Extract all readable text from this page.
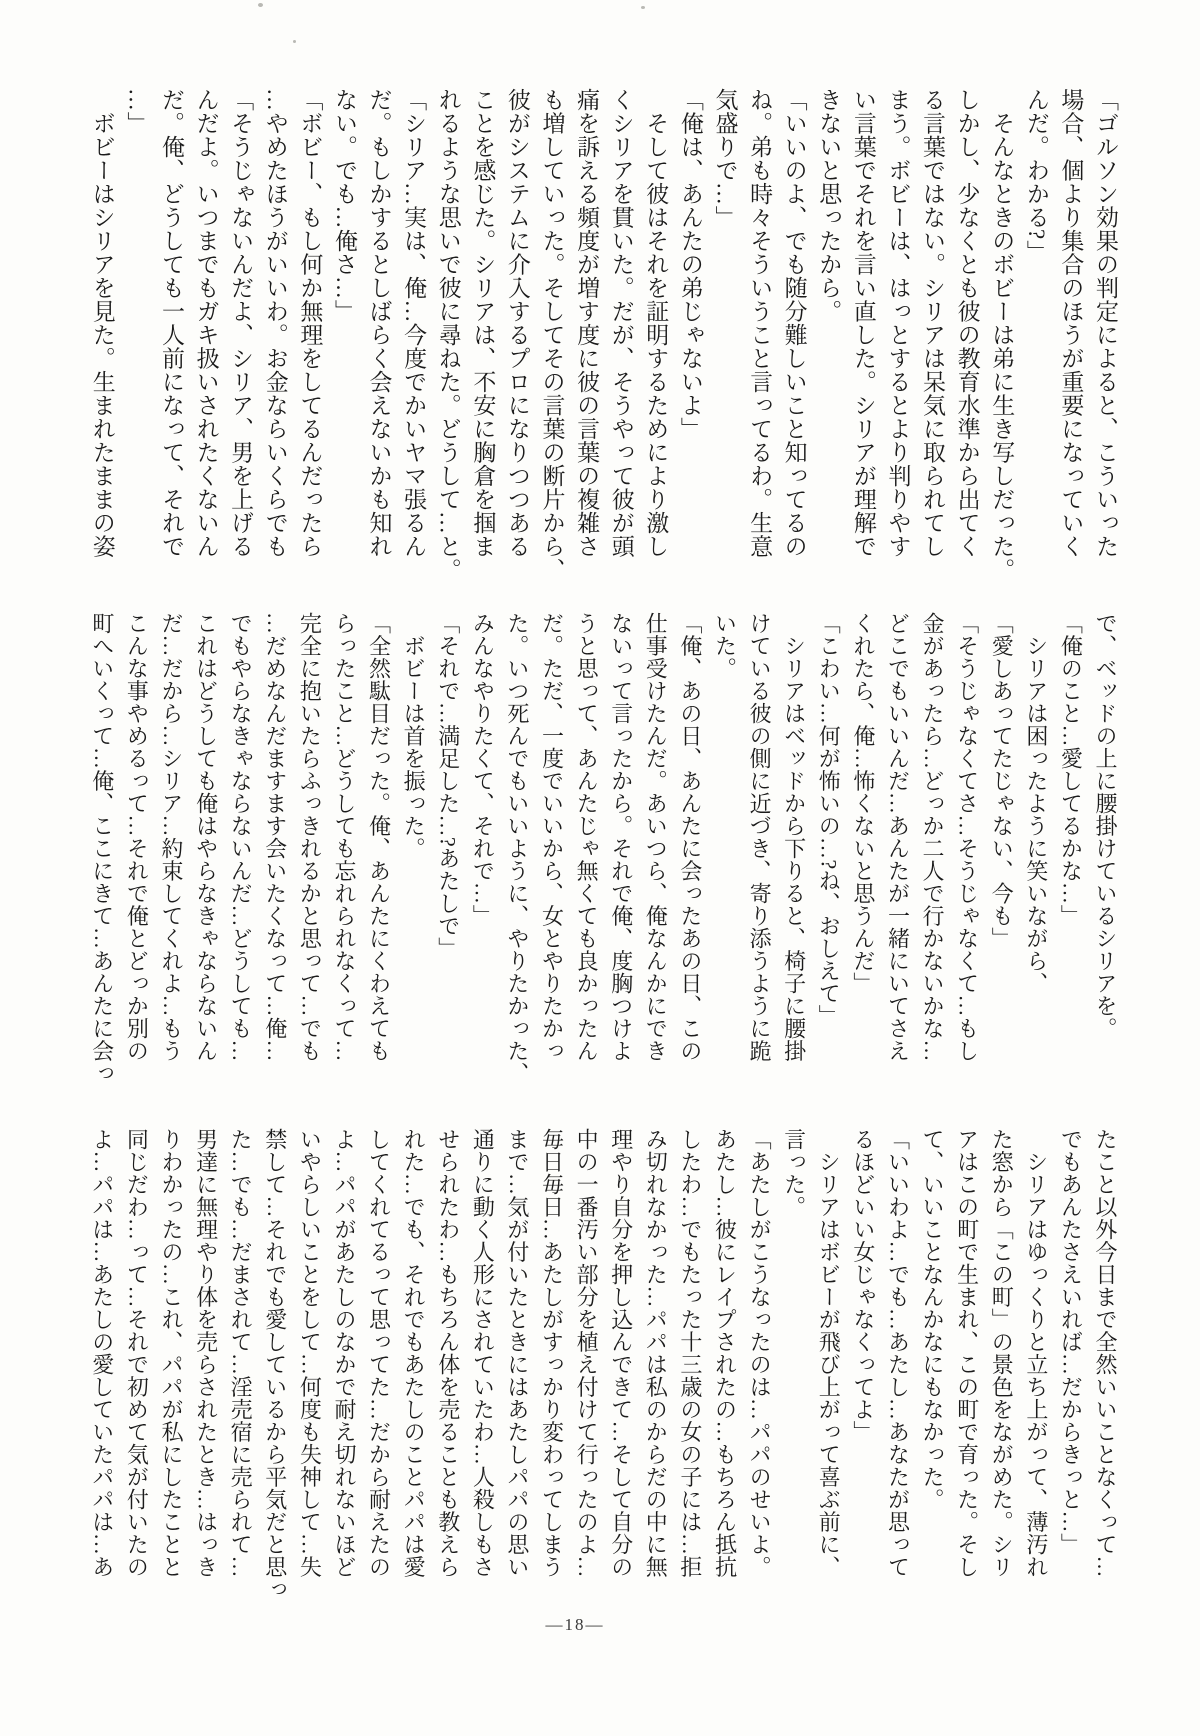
「ゴルソン効果の判定によると、こういった
場合、個より集合のほうが重要になっていく
んだ。わかる?」
　そんなときのボビーは弟に生き写しだった。
しかし、少なくとも彼の教育水準から出てく
る言葉ではない。シリアは呆気に取られてし
まう。ボビーは、はっとするとより判りやす
い言葉でそれを言い直した。シリアが理解で
きないと思ったから。
「いいのよ、でも随分難しいこと知ってるの
ね。弟も時々そういうこと言ってるわ。生意
気盛りで…」
「俺は、あんたの弟じゃないよ」
　そして彼はそれを証明するためにより激し
くシリアを貫いた。だが、そうやって彼が頭
痛を訴える頻度が増す度に彼の言葉の複雑さ
も増していった。そしてその言葉の断片から、
彼がシステムに介入するプロになりつつある
ことを感じた。シリアは、不安に胸倉を掴ま
れるような思いで彼に尋ねた。どうして…と。
「シリア…実は、俺…今度でかいヤマ張るん
だ。もしかするとしばらく会えないかも知れ
ない。でも…俺さ…」
「ボビー、もし何か無理をしてるんだったら
…やめたほうがいいわ。お金ならいくらでも
「そうじゃないんだよ、シリア、男を上げる
んだよ。いつまでもガキ扱いされたくないん
だ。俺、どうしても一人前になって、それで
…」
　ボビーはシリアを見た。生まれたままの姿
で、ベッドの上に腰掛けているシリアを。
「俺のこと…愛してるかな…」
　シリアは困ったように笑いながら、
「愛しあってたじゃない、今も」
「そうじゃなくてさ…そうじゃなくて…もし
金があったら…どっか二人で行かないかな…
どこでもいいんだ…あんたが一緒にいてさえ
くれたら、俺…怖くないと思うんだ」
「こわい…何が怖いの…?ね、おしえて」
　シリアはベッドから下りると、椅子に腰掛
けている彼の側に近づき、寄り添うように跪
いた。
「俺、あの日、あんたに会ったあの日、この
仕事受けたんだ。あいつら、俺なんかにでき
ないって言ったから。それで俺、度胸つけよ
うと思って、あんたじゃ無くても良かったん
だ。ただ、一度でいいから、女とやりたかっ
た。いつ死んでもいいように、やりたかった、
みんなやりたくて、それで…」
「それで…満足した…?あたしで」
　ボビーは首を振った。
「全然駄目だった。俺、あんたにくわえても
らったこと…どうしても忘れられなくって…
完全に抱いたらふっきれるかと思って…でも
…だめなんだますます会いたくなって…俺…
でもやらなきゃならないんだ…どうしても…
これはどうしても俺はやらなきゃならないん
だ…だから…シリア…約束してくれよ…もう
こんな事やめるって…それで俺とどっか別の
町へいくって…俺、ここにきて…あんたに会っ
たこと以外今日まで全然いいことなくって…
でもあんたさえいれば…だからきっと…」
　シリアはゆっくりと立ち上がって、薄汚れ
た窓から「この町」の景色をながめた。シリ
アはこの町で生まれ、この町で育った。そし
て、いいことなんかなにもなかった。
「いいわよ…でも…あたし…あなたが思って
るほどいい女じゃなくってよ」
　シリアはボビーが飛び上がって喜ぶ前に、
言った。
「あたしがこうなったのは…パパのせいよ。
あたし…彼にレイプされたの…もちろん抵抗
したわ…でもたった十三歳の女の子には…拒
み切れなかった…パパは私のからだの中に無
理やり自分を押し込んできて…そして自分の
中の一番汚い部分を植え付けて行ったのよ…
毎日毎日…あたしがすっかり変わってしまう
まで…気が付いたときにはあたしパパの思い
通りに動く人形にされていたわ…人殺しもさ
せられたわ…もちろん体を売ることも教えら
れた…でも、それでもあたしのことパパは愛
してくれてるって思ってた…だから耐えたの
よ…パパがあたしのなかで耐え切れないほど
いやらしいことをして…何度も失神して…失
禁して…それでも愛しているから平気だと思っ
た…でも…だまされて…淫売宿に売られて…
男達に無理やり体を売らされたとき…はっき
りわかったの…これ、パパが私にしたことと
同じだわ…って…それで初めて気が付いたの
よ…パパは…あたしの愛していたパパは…あ
—18—
